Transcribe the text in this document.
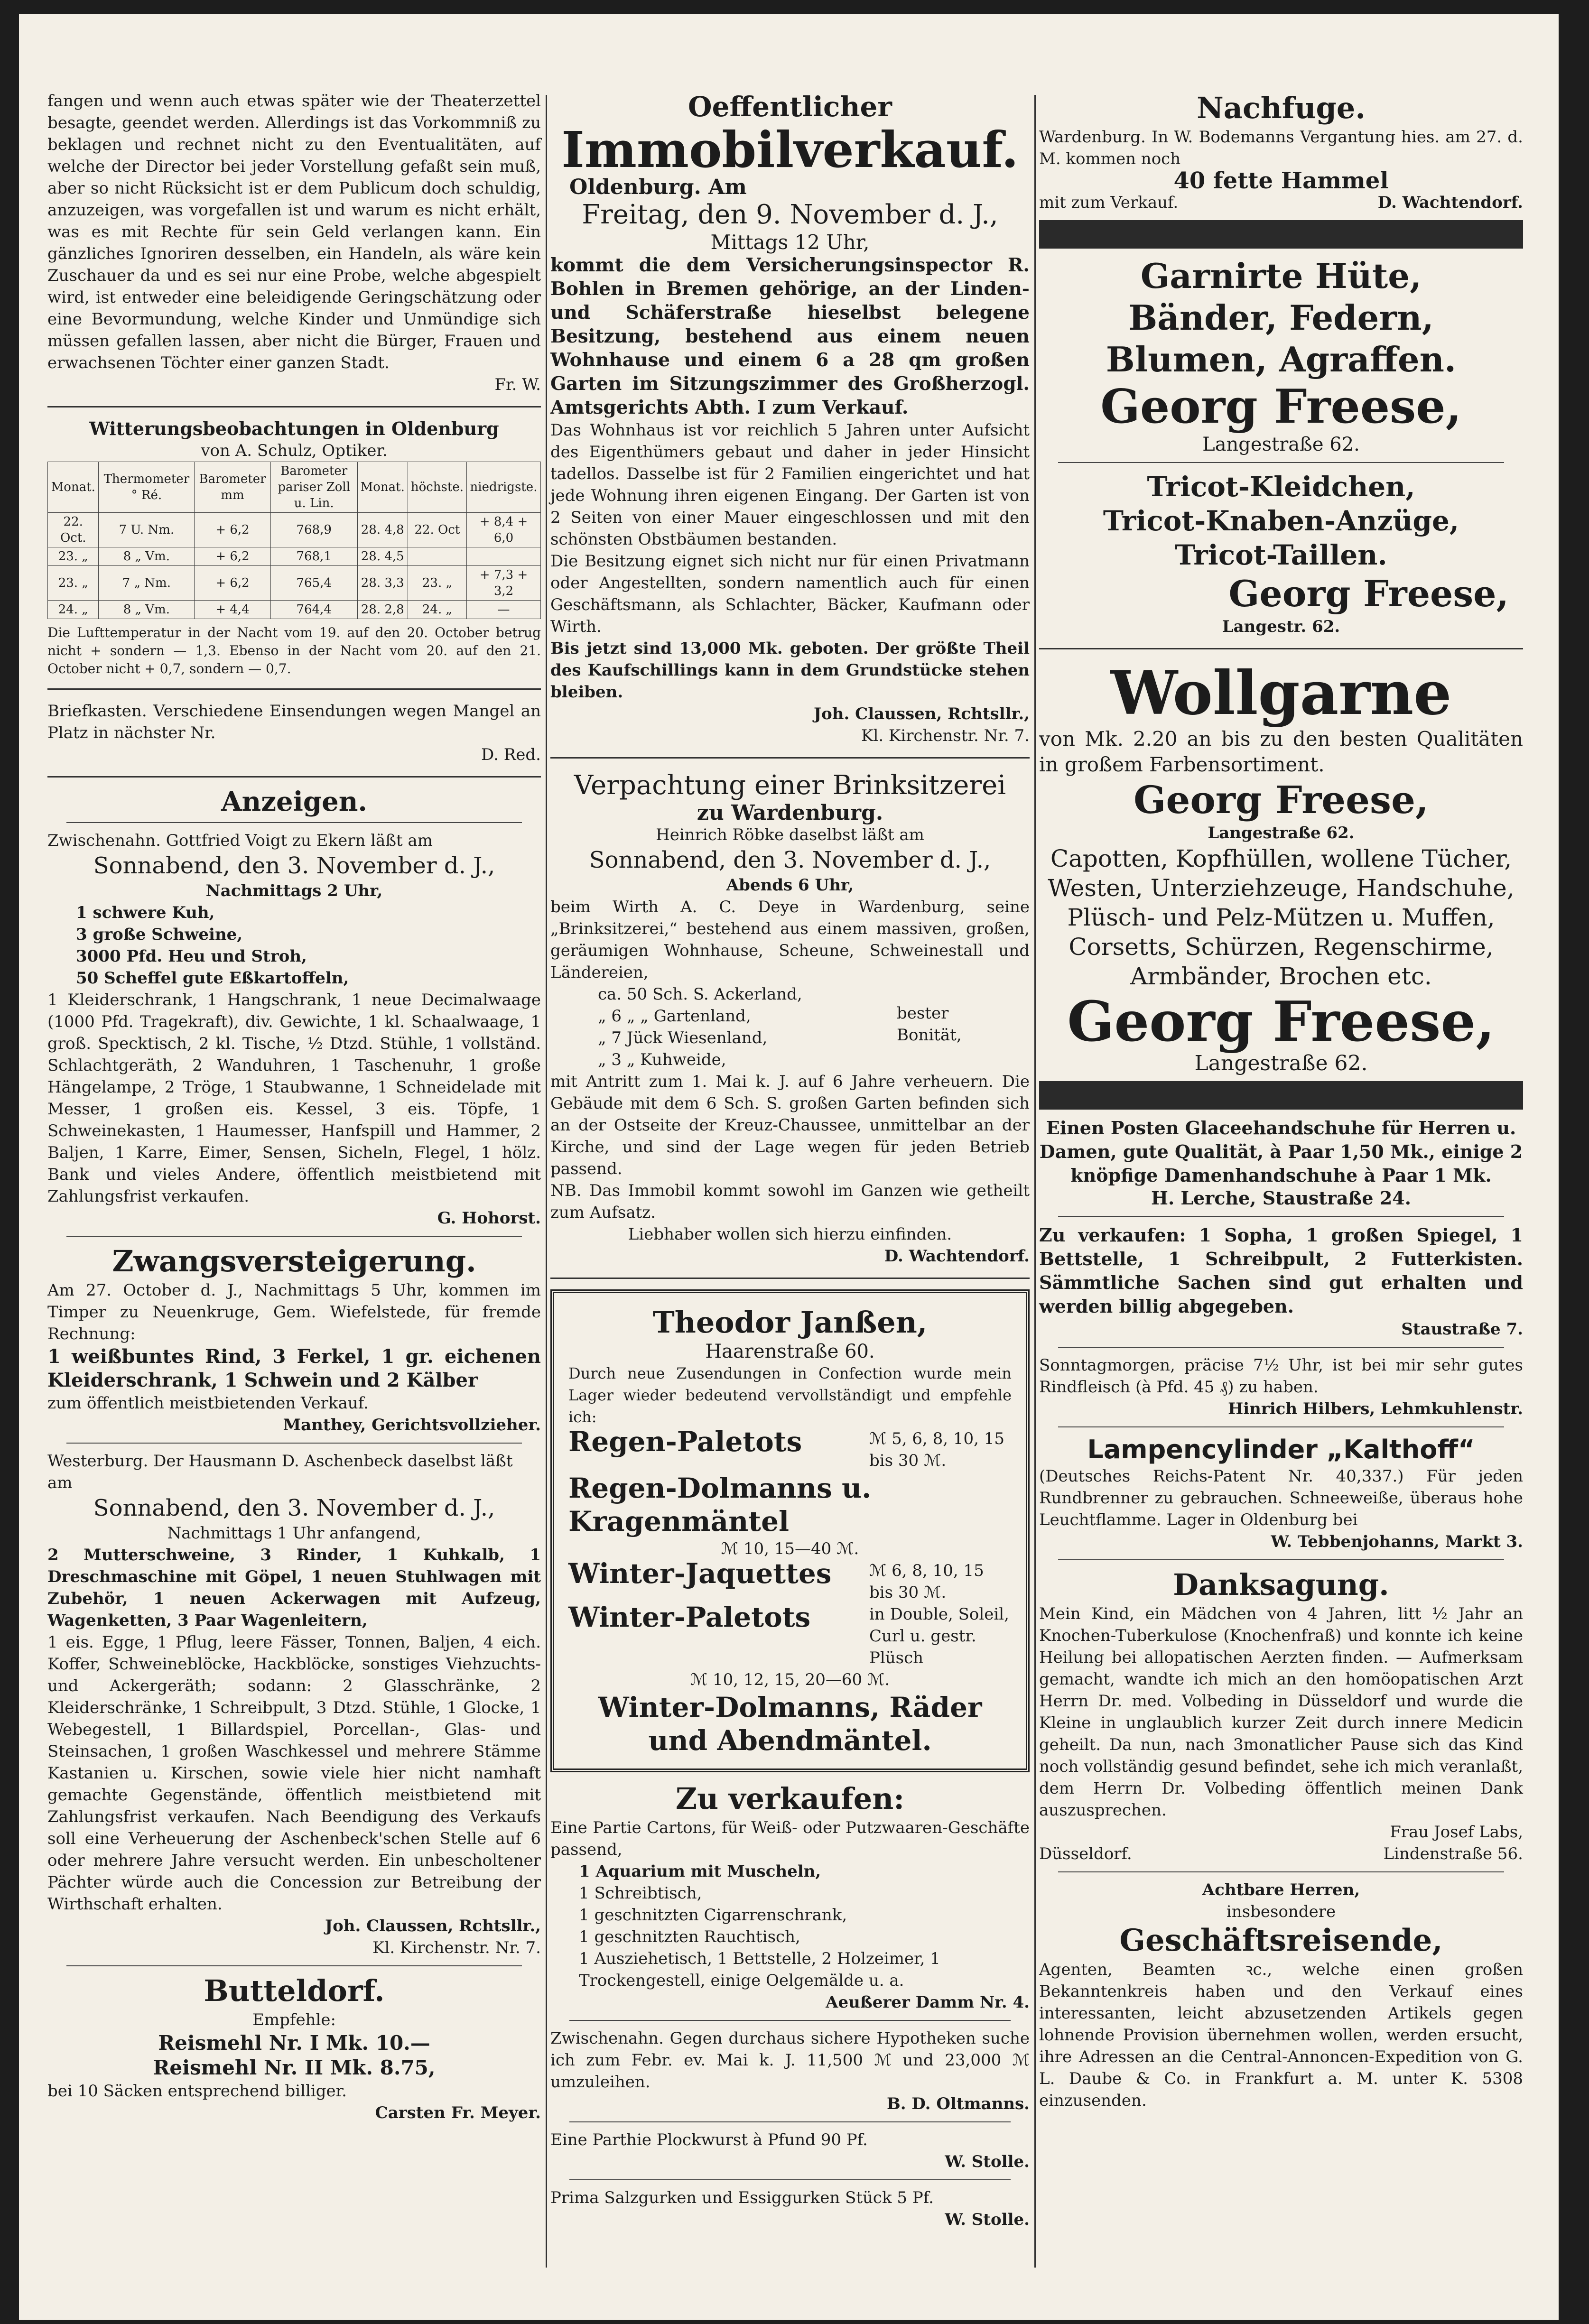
fangen und wenn auch etwas später wie der Theaterzettel besagte, geendet werden. Allerdings ist das Vorkommniß zu beklagen und rechnet nicht zu den Eventualitäten, auf welche der Director bei jeder Vorstellung gefaßt sein muß, aber so nicht Rücksicht ist er dem Publicum doch schuldig, anzuzeigen, was vorgefallen ist und warum es nicht erhält, was es mit Rechte für sein Geld verlangen kann. Ein gänzliches Ignoriren desselben, ein Handeln, als wäre kein Zuschauer da und es sei nur eine Probe, welche abgespielt wird, ist entweder eine beleidigende Geringschätzung oder eine Bevormundung, welche Kinder und Unmündige sich müssen gefallen lassen, aber nicht die Bürger, Frauen und erwachsenen Töchter einer ganzen Stadt.

Fr. W.
Witterungsbeobachtungen in Oldenburg
von A. Schulz, Optiker.
Monat.	Thermometer ° Ré.	Barometer mm	Barometer pariser Zoll u. Lin.	Monat.	höchste.	niedrigste.
22. Oct.	7 U. Nm.	+ 6,2	768,9	28. 4,8	22. Oct	+ 8,4 + 6,0
23. „	8 „ Vm.	+ 6,2	768,1	28. 4,5		
23. „	7 „ Nm.	+ 6,2	765,4	28. 3,3	23. „	+ 7,3 + 3,2
24. „	8 „ Vm.	+ 4,4	764,4	28. 2,8	24. „	—

Die Lufttemperatur in der Nacht vom 19. auf den 20. October betrug nicht + sondern — 1,3. Ebenso in der Nacht vom 20. auf den 21. October nicht + 0,7, sondern — 0,7.

Briefkasten. Verschiedene Einsendungen wegen Mangel an Platz in nächster Nr.

D. Red.
Anzeigen.
Zwischenahn. Gottfried Voigt zu Ekern läßt am
Sonnabend, den 3. November d. J.,
Nachmittags 2 Uhr,
1 schwere Kuh,
3 große Schweine,
3000 Pfd. Heu und Stroh,
50 Scheffel gute Eßkartoffeln,

1 Kleiderschrank, 1 Hangschrank, 1 neue Decimalwaage (1000 Pfd. Tragekraft), div. Gewichte, 1 kl. Schaalwaage, 1 groß. Specktisch, 2 kl. Tische, ½ Dtzd. Stühle, 1 vollständ. Schlachtgeräth, 2 Wanduhren, 1 Taschenuhr, 1 große Hängelampe, 2 Tröge, 1 Staubwanne, 1 Schneidelade mit Messer, 1 großen eis. Kessel, 3 eis. Töpfe, 1 Schweinekasten, 1 Haumesser, Hanfspill und Hammer, 2 Baljen, 1 Karre, Eimer, Sensen, Sicheln, Flegel, 1 hölz. Bank und vieles Andere, öffentlich meistbietend mit Zahlungsfrist verkaufen.

G. Hohorst.
Zwangsversteigerung.

Am 27. October d. J., Nachmittags 5 Uhr, kommen im Timper zu Neuenkruge, Gem. Wiefelstede, für fremde Rechnung:

1 weißbuntes Rind, 3 Ferkel, 1 gr. eichenen Kleiderschrank, 1 Schwein und 2 Kälber

zum öffentlich meistbietenden Verkauf.
Manthey, Gerichtsvollzieher.
Westerburg. Der Hausmann D. Aschenbeck daselbst läßt am
Sonnabend, den 3. November d. J.,
Nachmittags 1 Uhr anfangend,

2 Mutterschweine, 3 Rinder, 1 Kuhkalb, 1 Dreschmaschine mit Göpel, 1 neuen Stuhlwagen mit Zubehör, 1 neuen Ackerwagen mit Aufzeug, Wagenketten, 3 Paar Wagenleitern,

1 eis. Egge, 1 Pflug, leere Fässer, Tonnen, Baljen, 4 eich. Koffer, Schweineblöcke, Hackblöcke, sonstiges Viehzuchts- und Ackergeräth; sodann: 2 Glasschränke, 2 Kleiderschränke, 1 Schreibpult, 3 Dtzd. Stühle, 1 Glocke, 1 Webegestell, 1 Billardspiel, Porcellan-, Glas- und Steinsachen, 1 großen Waschkessel und mehrere Stämme Kastanien u. Kirschen, sowie viele hier nicht namhaft gemachte Gegenstände, öffentlich meistbietend mit Zahlungsfrist verkaufen. Nach Beendigung des Verkaufs soll eine Verheuerung der Aschenbeck'schen Stelle auf 6 oder mehrere Jahre versucht werden. Ein unbescholtener Pächter würde auch die Concession zur Betreibung der Wirthschaft erhalten.

Joh. Claussen, Rchtsllr.,
Kl. Kirchenstr. Nr. 7.
Butteldorf.
Empfehle:
Reismehl Nr. I Mk. 10.—
Reismehl Nr. II Mk. 8.75,
bei 10 Säcken entsprechend billiger.
Carsten Fr. Meyer.
Oeffentlicher
Immobilverkauf.
Oldenburg. Am
Freitag, den 9. November d. J.,
Mittags 12 Uhr,

kommt die dem Versicherungsinspector R. Bohlen in Bremen gehörige, an der Linden- und Schäferstraße hieselbst belegene Besitzung, bestehend aus einem neuen Wohnhause und einem 6 a 28 qm großen Garten im Sitzungszimmer des Großherzogl. Amtsgerichts Abth. I zum Verkauf.

Das Wohnhaus ist vor reichlich 5 Jahren unter Aufsicht des Eigenthümers gebaut und daher in jeder Hinsicht tadellos. Dasselbe ist für 2 Familien eingerichtet und hat jede Wohnung ihren eigenen Eingang. Der Garten ist von 2 Seiten von einer Mauer eingeschlossen und mit den schönsten Obstbäumen bestanden.

Die Besitzung eignet sich nicht nur für einen Privatmann oder Angestellten, sondern namentlich auch für einen Geschäftsmann, als Schlachter, Bäcker, Kaufmann oder Wirth.

Bis jetzt sind 13,000 Mk. geboten. Der größte Theil des Kaufschillings kann in dem Grundstücke stehen bleiben.

Joh. Claussen, Rchtsllr.,
Kl. Kirchenstr. Nr. 7.
Verpachtung einer Brinksitzerei
zu Wardenburg.
Heinrich Röbke daselbst läßt am
Sonnabend, den 3. November d. J.,
Abends 6 Uhr,

beim Wirth A. C. Deye in Wardenburg, seine „Brinksitzerei,“ bestehend aus einem massiven, großen, geräumigen Wohnhause, Scheune, Schweinestall und Ländereien,

ca. 50 Sch. S. Ackerland,
„ 6 „ „ Gartenland,
„ 7 Jück Wiesenland,
„ 3 „ Kuhweide,
bester Bonität,

mit Antritt zum 1. Mai k. J. auf 6 Jahre verheuern. Die Gebäude mit dem 6 Sch. S. großen Garten befinden sich an der Ostseite der Kreuz-Chaussee, unmittelbar an der Kirche, und sind der Lage wegen für jeden Betrieb passend.

NB. Das Immobil kommt sowohl im Ganzen wie getheilt zum Aufsatz.

Liebhaber wollen sich hierzu einfinden.
D. Wachtendorf.
Theodor Janßen,
Haarenstraße 60.

Durch neue Zusendungen in Confection wurde mein Lager wieder bedeutend vervollständigt und empfehle ich:

Regen-Paletots	ℳ 5, 6, 8, 10, 15 bis 30 ℳ.
Regen-Dolmanns u. Kragenmäntel
ℳ 10, 15—40 ℳ.
Winter-Jaquettes ℳ 6, 8, 10, 15 bis 30 ℳ.
Winter-Paletots	in Double, Soleil, Curl u. gestr. Plüsch
ℳ 10, 12, 15, 20—60 ℳ.
Winter-Dolmanns, Räder und Abendmäntel.
Zu verkaufen:

Eine Partie Cartons, für Weiß- oder Putzwaaren-Geschäfte passend,

1 Aquarium mit Muscheln,
1 Schreibtisch,
1 geschnitzten Cigarrenschrank,
1 geschnitzten Rauchtisch,
1 Ausziehetisch, 1 Bettstelle, 2 Holzeimer, 1 Trockengestell, einige Oelgemälde u. a.
Aeußerer Damm Nr. 4.

Zwischenahn. Gegen durchaus sichere Hypotheken suche ich zum Febr. ev. Mai k. J. 11,500 ℳ und 23,000 ℳ umzuleihen.

B. D. Oltmanns.
Eine Parthie Plockwurst à Pfund 90 Pf.
W. Stolle.
Prima Salzgurken und Essiggurken Stück 5 Pf.
W. Stolle.
Nachfuge.

Wardenburg. In W. Bodemanns Vergantung hies. am 27. d. M. kommen noch

40 fette Hammel
mit zum Verkauf.	D. Wachtendorf.
Garnirte Hüte,
Bänder, Federn,
Blumen, Agraffen.
Georg Freese,
Langestraße 62.
Tricot-Kleidchen,
Tricot-Knaben-Anzüge,
Tricot-Taillen.
Georg Freese,
Langestr. 62.
Wollgarne

von Mk. 2.20 an bis zu den besten Qualitäten in großem Farbensortiment.

Georg Freese,
Langestraße 62.

Capotten, Kopfhüllen, wollene Tücher, Westen, Unterziehzeuge, Handschuhe, Plüsch- und Pelz-Mützen u. Muffen, Corsetts, Schürzen, Regenschirme, Armbänder, Brochen etc.

Georg Freese,
Langestraße 62.

Einen Posten Glaceehandschuhe für Herren u. Damen, gute Qualität, à Paar 1,50 Mk., einige 2 knöpfige Damenhandschuhe à Paar 1 Mk.

H. Lerche, Staustraße 24.

Zu verkaufen: 1 Sopha, 1 großen Spiegel, 1 Bettstelle, 1 Schreibpult, 2 Futterkisten. Sämmtliche Sachen sind gut erhalten und werden billig abgegeben.

Staustraße 7.

Sonntagmorgen, präcise 7½ Uhr, ist bei mir sehr gutes Rindfleisch (à Pfd. 45 ₰) zu haben.

Hinrich Hilbers, Lehmkuhlenstr.
Lampencylinder „Kalthoff“

(Deutsches Reichs-Patent Nr. 40,337.) Für jeden Rundbrenner zu gebrauchen. Schneeweiße, überaus hohe Leuchtflamme. Lager in Oldenburg bei

W. Tebbenjohanns, Markt 3.
Danksagung.

Mein Kind, ein Mädchen von 4 Jahren, litt ½ Jahr an Knochen-Tuberkulose (Knochenfraß) und konnte ich keine Heilung bei allopatischen Aerzten finden. — Aufmerksam gemacht, wandte ich mich an den homöopatischen Arzt Herrn Dr. med. Volbeding in Düsseldorf und wurde die Kleine in unglaublich kurzer Zeit durch innere Medicin geheilt. Da nun, nach 3monatlicher Pause sich das Kind noch vollständig gesund befindet, sehe ich mich veranlaßt, dem Herrn Dr. Volbeding öffentlich meinen Dank auszusprechen.

Frau Josef Labs,
Düsseldorf.	Lindenstraße 56.
Achtbare Herren,
insbesondere
Geschäftsreisende,

Agenten, Beamten ꝛc., welche einen großen Bekanntenkreis haben und den Verkauf eines interessanten, leicht abzusetzenden Artikels gegen lohnende Provision übernehmen wollen, werden ersucht, ihre Adressen an die Central-Annoncen-Expedition von G. L. Daube & Co. in Frankfurt a. M. unter K. 5308 einzusenden.
